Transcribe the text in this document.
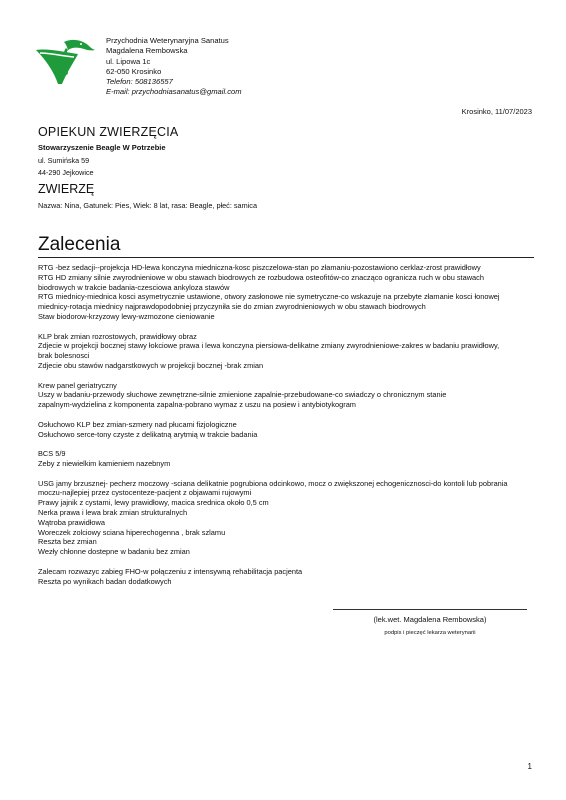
Przychodnia Weterynaryjna Sanatus
Magdalena Rembowska
ul. Lipowa 1c
62-050 Krosinko
Telefon: 508136557
E-mail: przychodniasanatus@gmail.com
Krosinko, 11/07/2023
OPIEKUN ZWIERZĘCIA
Stowarzyszenie Beagle W Potrzebie
ul. Sumińska 59
44-290 Jejkowice
ZWIERZĘ
Nazwa: Nina, Gatunek: Pies, Wiek: 8 lat, rasa: Beagle, płeć: samica
Zalecenia
RTG -bez sedacji--projekcja HD-lewa konczyna miedniczna-kosc piszczelowa-stan po złamaniu-pozostawiono cerklaz-zrost prawidłowy
RTG HD zmiany silnie zwyrodnieniowe w obu stawach biodrowych ze rozbudowa osteofitów-co znacząco ogranicza ruch w obu stawach
biodrowych w trakcie badania-czesciowa ankyloza stawów
RTG miednicy-miednica kosci asymetrycznie ustawione, otwory zasłonowe nie symetryczne-co wskazuje na przebyte złamanie kosci łonowej
miednicy-rotacja miednicy najprawdopodobniej przyczyniła sie do zmian zwyrodnieniowych w obu stawach biodrowych
Staw biodorow-krzyzowy lewy-wzmozone cieniowanie
KLP brak zmian rozrostowych, prawidłowy obraz
Zdjecie w projekcji bocznej stawy łokciowe prawa i lewa konczyna piersiowa-delikatne zmiany zwyrodnieniowe-zakres w badaniu prawidłowy,
brak bolesnosci
Zdjecie obu stawów nadgarstkowych w projekcji bocznej -brak zmian
Krew panel geriatryczny
Uszy w badaniu-przewody słuchowe zewnętrzne-silnie zmienione zapalnie-przebudowane-co swiadczy o chronicznym stanie
zapalnym-wydzielina z komponenta zapalna-pobrano wymaz z uszu na posiew i antybiotykogram
Osłuchowo KLP bez zmian-szmery nad płucami fizjologiczne
Osłuchowo serce-tony czyste z delikatną arytmią w trakcie badania
BCS 5/9
Zeby z niewielkim kamieniem nazebnym
USG jamy brzusznej- pecherz moczowy -sciana delikatnie pogrubiona odcinkowo, mocz o zwiększonej echogenicznosci-do kontoli lub pobrania
moczu-najlepiej przez cystocenteze-pacjent z objawami rujowymi
Prawy jajnik z cystami, lewy prawidłowy, macica srednica około 0,5 cm
Nerka prawa i lewa brak zmian strukturalnych
Wątroba prawidłowa
Woreczek zolciowy sciana hiperechogenna , brak szlamu
Reszta bez zmian
Wezły chłonne dostepne w badaniu bez zmian
Zalecam rozwazyc zabieg FHO-w połączeniu z intensywną rehabilitacja pacjenta
Reszta po wynikach badan dodatkowych
(lek.wet. Magdalena Rembowska)
podpis i pieczęć lekarza weterynarii
1
